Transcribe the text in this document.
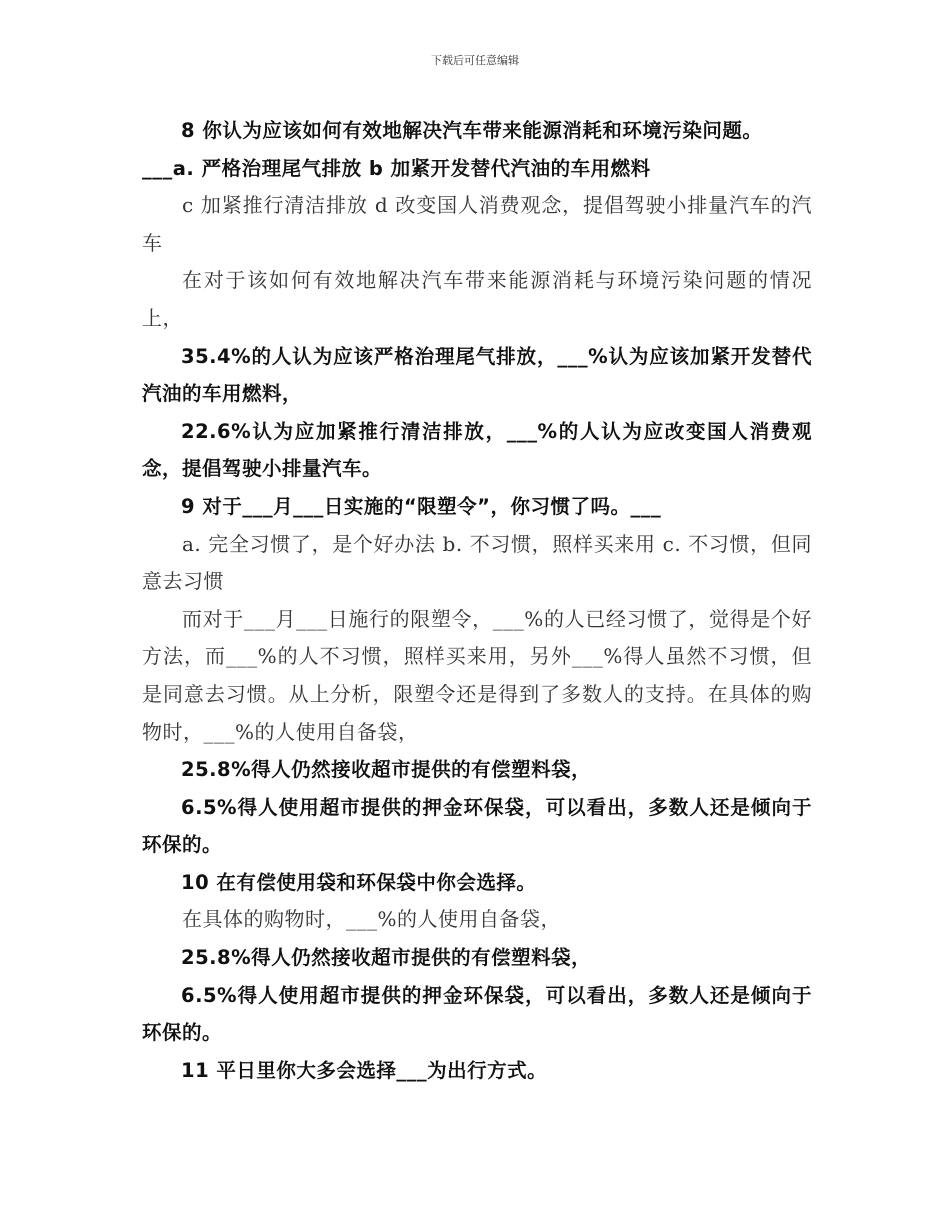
下载后可任意编辑

8 你认为应该如何有效地解决汽车带来能源消耗和环境污染问题。

___a. 严格治理尾气排放 b 加紧开发替代汽油的车用燃料

c 加紧推行清洁排放 d 改变国人消费观念，提倡驾驶小排量汽车的汽车

在对于该如何有效地解决汽车带来能源消耗与环境污染问题的情况上，

35.4%的人认为应该严格治理尾气排放，___%认为应该加紧开发替代汽油的车用燃料，

22.6%认为应加紧推行清洁排放，___%的人认为应改变国人消费观念，提倡驾驶小排量汽车。

9 对于___月___日实施的“限塑令”，你习惯了吗。___

a. 完全习惯了，是个好办法 b. 不习惯，照样买来用 c. 不习惯，但同意去习惯

而对于___月___日施行的限塑令，___%的人已经习惯了，觉得是个好方法，而___%的人不习惯，照样买来用，另外___%得人虽然不习惯，但是同意去习惯。从上分析，限塑令还是得到了多数人的支持。在具体的购物时，___%的人使用自备袋，

25.8%得人仍然接收超市提供的有偿塑料袋，

6.5%得人使用超市提供的押金环保袋，可以看出，多数人还是倾向于环保的。

10 在有偿使用袋和环保袋中你会选择。

在具体的购物时，___%的人使用自备袋，

25.8%得人仍然接收超市提供的有偿塑料袋，

6.5%得人使用超市提供的押金环保袋，可以看出，多数人还是倾向于环保的。

11 平日里你大多会选择___为出行方式。
